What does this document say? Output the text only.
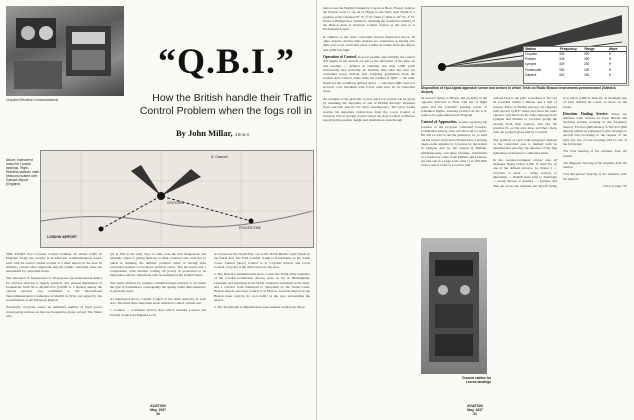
Croydon Electrical Communications
“Q.B.I.”
How the British handle their Traffic
Control Problem when the fogs roll in
By John Millar, A.R.Ae.S.
Above, Instrument board for London landings. Right, Wireless stations mark beacons located over Gatwick Airport (England)
N. Channel
FOLKESTONE
LONDON AIRPORT
CROYDON

THE YEARS had Croydon Control handled all airline traffic in England. Today the country is divided into Communications Areas, each with its control central located at a chief airport in the area. In addition, certain other important airports within controlled areas are surrounded by controlled zones.

The allocation of frequencies for all purposes (an international matter for obvious reasons) is largely political. The present distribution of frequencies from 30 to 60,000 Kcs (10,000 to 5 meters) among the various services was confirmed at the International Telecommunication Conference at Madrid in 1932, and agreed by the Governments of the European Region.

Nationally, everyone wants an unlimited number of high power broadcasting stations on the low frequencies (long waves). The States who

got in first in the early days of radio took the best frequencies and naturally object to giving them up to other countries who were not so quick at realizing the intrinsic political value of having state controlled stations to broadcast political views. The net result was a compromise, with aviation coming off poorly in proportion to its importance and in comparison with its standing in the United States.

The bands allotted for aviation communications restricts to an extent the type of transmitters, consequently the quality rather than telephony is generally used.

As mentioned above, Central Control is the chief authority in each area. The three more important areas with their control centrals are:

1. London — Continent Airway Area which includes London and broadly South East England as far

as Clacton in the North East, out to the North Hinder Light Vessel in the North Sea; and from London, South to Portsmouth on the South Coast. Central (Area) Control is at Croydon Airport and Local Control, Croydon is the chief airport in the area.

2. The Heston Communication Area, covers the North-West boundary of the London-Continental Airway Area as far as Birmingham, Leicester, and Aberdeen in the North, Anderson Guildford to the West, and a corridor from Guildford to Shoreham on the South Coast. Heston Airport and Area Central is at Heston. Gatwick Airport in the Heston Area controls its own traffic in the area surrounding the airport.

3. The Portsmouth Communication Area extends south from Shore-

AVIATION
May, 1937
30

ham across the English Channel to Cap de la Heve, France; follows the French coast to cap de la Hague to the West; then North to a position in the Channel 50° N, 2° W. Then 1° West to 50° N., 3° W. North to Bridgewater, Somerset, rejoining the southern boundary of the Heston Area at Andover. Central control of the area is at Portsmouth Airport.

In addition to the radio controlled airports mentioned above, all other airports, having radio stations are considered as having also their own local controlled areas 5 miles in radius from the airport and 2,000 feet high.

Operation of Control. In good weather and visibility the control and height of the aircraft are left to the discretion of the pilot. In bad weather — defined as visibility less than 1,000 yards horizontally and vertically, no machine may enter the 'area' (or controlled zone) without first obtaining permission from the Central Area Control. Thus when the weather is 'QBI' — the radio signal for the conditions defined above — and when QBI control is in force, only machines with 2-way radio may fly in controlled areas.

An example of the principle of area and local control can be given by assuming the departure of one of British Airways' airplanes from Gatwick airport, the line's headquarters. The pilot would receive his departure instructions from the Local Control at Gatwick, but on leaving would contact the Area Control at Heston, reporting his position, height and destination, even though

Station	Frequency	Range	Wave
Croydon	333	300	H
Pulham	328	250	H
Lympne	329	200	H
Portsmouth	330	150	H
Gatwick	332	150	H
Disposition of equi-signal approach sector and sectors in which Tests on Radio Beacon Instruments predominated (Gatwick Airport)

he was not flying to Heston, but probably in the opposite direction to Paris. The use of flight plans and the scientific training course of scheduled flights, standard practice in the U.S. seem to be quite unknown in England.

Control of Approaches. A pilot reporting his position to the Croydon controlled London-Continental Airway Area will first call Croydon. He will be told to run his generator, i.e. to send out his carrier wave and will then have a bearing taken on his airplane by Croydon, by the station at Lympne and by the station at Pulham, simultaneously, and these bearings, transmitted to Croydon by radio from Pulham and Lympne, are laid out on a large scale chart (1 in 250,000) in the control tower at Croydon, and

radioed back to the pilot. A position or 'fix' can be provided within a minute and a half of request. Pilots of British Airways are supplied with special 'Q.D.F.' maps and often the radio operator will intercept the radio message from Lympne and Pulham to Croydon giving the bearing from their stations, and plot his position fix on his own map, and then check with the position given him by Croydon.

The position of each radio-equipped airplane in the controlled area is marked with an identification pin-flag, the direction of the flag indicating an inbound or outbound plane.

In the London-Continent airway area all airplanes flying below 2,000 ft. must fly on one of the defined airways, i.e. Route 1 — Croydon to Kent — along railway to Merstham — Redhill (turn left) to Tonbridge — along railway to Ashford — Lympne and then out across the Channel. All aircraft flying at or below 2,000 ft. must fly on the Right side of such defined air routes as those on the tracks.

Direction Finding Service. There are nineteen radio stations in Great Britain and Northern Ireland working in the frequency band of 333 Kcs (900 meters) to 365 Kcs (826 meters) which are equipped to give bearings to aircraft and according to the request of the pilot any one of four bearings will be one of the following:

The True bearing of the airplane from the station.

The Magnetic bearing of the airplane from the Station.

True Reciprocal bearing of the airplane from the Station.

(Turn to page 70)

Ground station for Lorenz landings
AVIATION
May, 1937
31
